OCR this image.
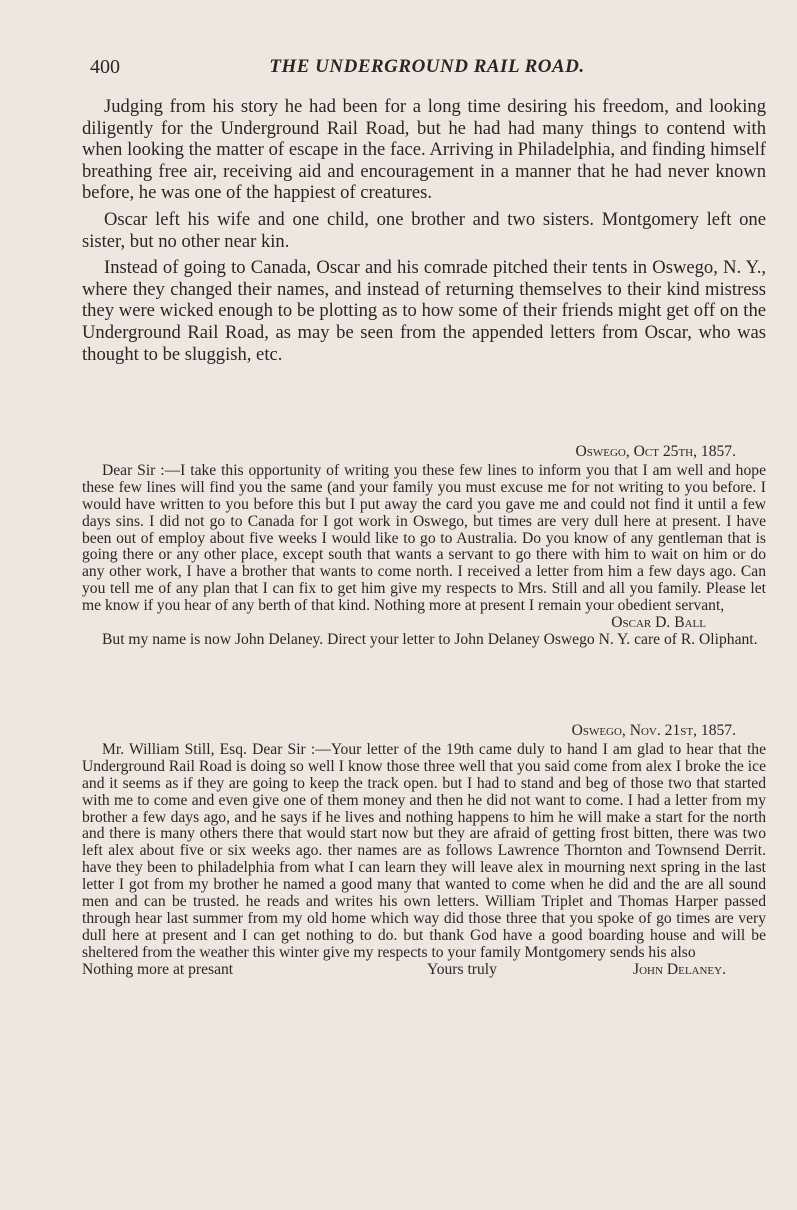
400	THE UNDERGROUND RAIL ROAD.

Judging from his story he had been for a long time desiring his freedom, and looking diligently for the Underground Rail Road, but he had had many things to contend with when looking the matter of escape in the face. Arriving in Philadelphia, and finding himself breathing free air, receiving aid and encouragement in a manner that he had never known before, he was one of the happiest of creatures.

Oscar left his wife and one child, one brother and two sisters. Montgomery left one sister, but no other near kin.

Instead of going to Canada, Oscar and his comrade pitched their tents in Oswego, N. Y., where they changed their names, and instead of returning themselves to their kind mistress they were wicked enough to be plotting as to how some of their friends might get off on the Underground Rail Road, as may be seen from the appended letters from Oscar, who was thought to be sluggish, etc.

Oswego, Oct 25th, 1857.

Dear Sir :—I take this opportunity of writing you these few lines to inform you that I am well and hope these few lines will find you the same (and your family you must excuse me for not writing to you before. I would have written to you before this but I put away the card you gave me and could not find it until a few days sins. I did not go to Canada for I got work in Oswego, but times are very dull here at present. I have been out of employ about five weeks I would like to go to Australia. Do you know of any gentleman that is going there or any other place, except south that wants a servant to go there with him to wait on him or do any other work, I have a brother that wants to come north. I received a letter from him a few days ago. Can you tell me of any plan that I can fix to get him give my respects to Mrs. Still and all you family. Please let me know if you hear of any berth of that kind. Nothing more at present I remain your obedient servant,

Oscar D. Ball

But my name is now John Delaney. Direct your letter to John Delaney Oswego N. Y. care of R. Oliphant.

Oswego, Nov. 21st, 1857.

Mr. William Still, Esq. Dear Sir :—Your letter of the 19th came duly to hand I am glad to hear that the Underground Rail Road is doing so well I know those three well that you said come from alex I broke the ice and it seems as if they are going to keep the track open. but I had to stand and beg of those two that started with me to come and even give one of them money and then he did not want to come. I had a letter from my brother a few days ago, and he says if he lives and nothing happens to him he will make a start for the north and there is many others there that would start now but they are afraid of getting frost bitten, there was two left alex about five or six weeks ago. ther names are as follows Lawrence Thornton and Townsend Derrit. have they been to philadelphia from what I can learn they will leave alex in mourning next spring in the last letter I got from my brother he named a good many that wanted to come when he did and the are all sound men and can be trusted. he reads and writes his own letters. William Triplet and Thomas Harper passed through hear last summer from my old home which way did those three that you spoke of go times are very dull here at present and I can get nothing to do. but thank God have a good boarding house and will be sheltered from the weather this winter give my respects to your family Montgomery sends his also

Nothing more at presant	Yours truly	John Delaney.
